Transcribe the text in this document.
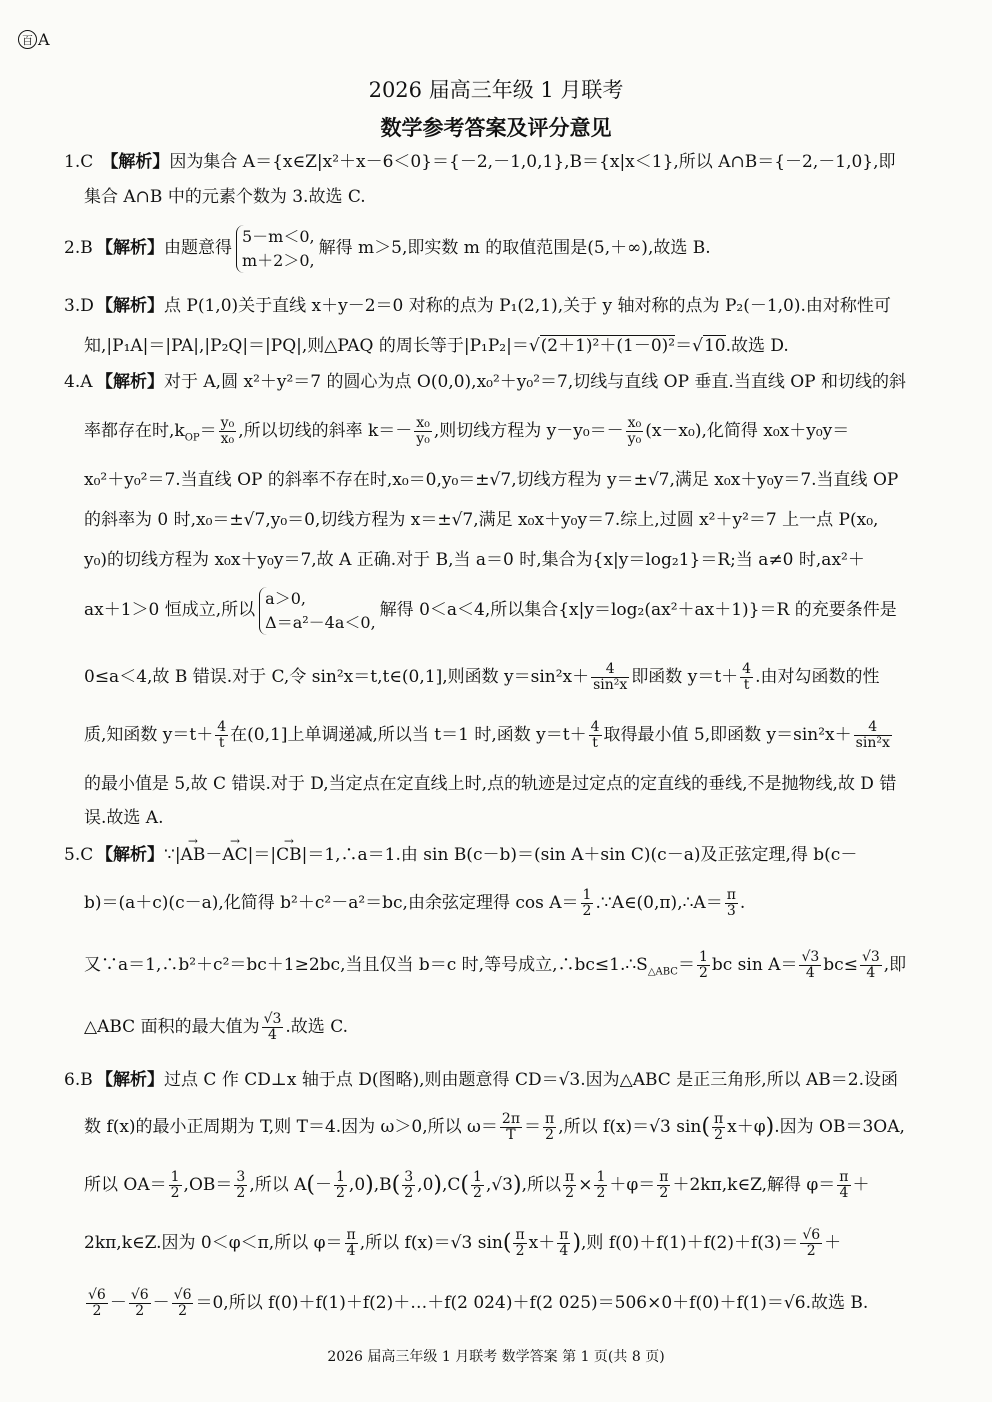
百 A
2026 届高三年级 1 月联考
数学参考答案及评分意见
1.C 【解析】因为集合 A＝{x∈Z|x²＋x－6＜0}＝{－2,－1,0,1},B＝{x|x＜1},所以 A∩B＝{－2,－1,0},即
集合 A∩B 中的元素个数为 3.故选 C.
2.B 【解析】由题意得
5－m＜0,
m＋2＞0,
解得 m＞5,即实数 m 的取值范围是(5,＋∞),故选 B.
3.D 【解析】点 P(1,0)关于直线 x＋y－2＝0 对称的点为 P₁(2,1),关于 y 轴对称的点为 P₂(－1,0).由对称性可
知,|P₁A|＝|PA|,|P₂Q|＝|PQ|,则△PAQ 的周长等于|P₁P₂|＝√(2＋1)²＋(1－0)²＝√10.故选 D.
4.A 【解析】对于 A,圆 x²＋y²＝7 的圆心为点 O(0,0),x₀²＋y₀²＝7,切线与直线 OP 垂直.当直线 OP 和切线的斜
率都存在时$,k_{OP}= \frac{\text{y₀}}{\text{x₀}}$ ,所以切线的斜率 $k=- \frac{\text{x₀}}{\text{y₀}}$ ,则切线方程为 $y-y_0=- \frac{\text{x₀}}{\text{y₀}} (x-x_0)$,化简得 x₀x＋y₀y＝
x₀²＋y₀²＝7.当直线 OP 的斜率不存在时,x₀＝0,y₀＝±√7,切线方程为 y＝±√7,满足 x₀x＋y₀y＝7.当直线 OP
的斜率为 0 时,x₀＝±√7,y₀＝0,切线方程为 x＝±√7,满足 x₀x＋y₀y＝7.综上,过圆 x²＋y²＝7 上一点 P(x₀,
y₀)的切线方程为 x₀x＋y₀y＝7,故 A 正确.对于 B,当 a＝0 时,集合为{x|y＝log₂1}＝R;当 a≠0 时,ax²＋
ax＋1＞0 恒成立,所以
a＞0,
Δ＝a²－4a＜0,
解得 0＜a＜4,所以集合{x|y＝log₂(ax²＋ax＋1)}＝R 的充要条件是
0≤a＜4,故 B 错误.对于 C,令 sin²x＝t,t∈(0,1],则函数 $y=\sin^2x+ \frac{4}{\text{sin²x}}$ 即函数 $y=t+ \frac{4}{t}$ .由对勾函数的性
质,知函数 $y=t+ \frac{4}{t}$ 在(0,1]上单调递减,所以当 t＝1 时,函数 $y=t+ \frac{4}{t}$ 取得最小值 5,即函数 $y=\sin^2x+ \frac{4}{\text{sin²x}}$
的最小值是 5,故 C 错误.对于 D,当定点在定直线上时,点的轨迹是过定点的定直线的垂线,不是抛物线,故 D 错
误.故选 A.
5.C 【解析】∵|→ AB－→ AC|＝|→ CB|＝1,∴a＝1.由 sin B(c－b)＝(sin A＋sin C)(c－a)及正弦定理,得 b(c－
b)＝(a＋c)(c－a),化简得 b²＋c²－a²＝bc,由余弦定理得 $\cos A= \frac{1}{2}$ .∵A∈(0,π),∴A＝ $\frac{\pi}{3}$ .
又∵a＝1,∴b²＋c²＝bc＋1≥2bc,当且仅当 b＝c 时,等号成立$,\therefore bc\le 1.\therefore S_{\triangle ABC}= \frac{1}{2}$ bc $\sin A= \frac{√3}{4} bc\le \frac{√3}{4}$ ,即
△ABC 面积的最大值为 $\frac{√3}{4}$ .故选 C.
6.B 【解析】过点 C 作 CD⊥x 轴于点 D(图略),则由题意得 CD＝√3.因为△ABC 是正三角形,所以 AB＝2.设函
数 f(x)的最小正周期为 T,则 T＝4.因为 ω＞0,所以 $\omega= \frac{2\pi}{T} = \frac{\pi}{2}$ ,所以 f(x)＝√3 $\sin( \frac{\pi}{2} x+\varphi)$.因为 OB＝3OA,
所以 $OA= \frac{1}{2} ,OB= \frac{3}{2}$ ,所以 $A(- \frac{1}{2} ,0),B( \frac{3}{2} ,0),C( \frac{1}{2} ,√3)$,所以 $\frac{\pi}{2} \times \frac{1}{2} +\varphi= \frac{\pi}{2}$ ＋2kπ,k∈Z,解得 $\varphi= \frac{\pi}{4}$ ＋
2kπ,k∈Z.因为 0＜φ＜π,所以 $\varphi= \frac{\pi}{4}$ ,所以 f(x)＝√3 $\sin( \frac{\pi}{2} x+ \frac{\pi}{4}$ ),则 $f(0)+f(1)+f(2)+f(3)= \frac{√6}{2}$ ＋
$\frac{√6}{2} - \frac{√6}{2} - \frac{√6}{2} =0$,所以 f(0)＋f(1)＋f(2)＋…＋f(2 024)＋f(2 025)＝506×0＋f(0)＋f(1)＝√6.故选 B.
2026 届高三年级 1 月联考 数学答案 第 1 页(共 8 页)
